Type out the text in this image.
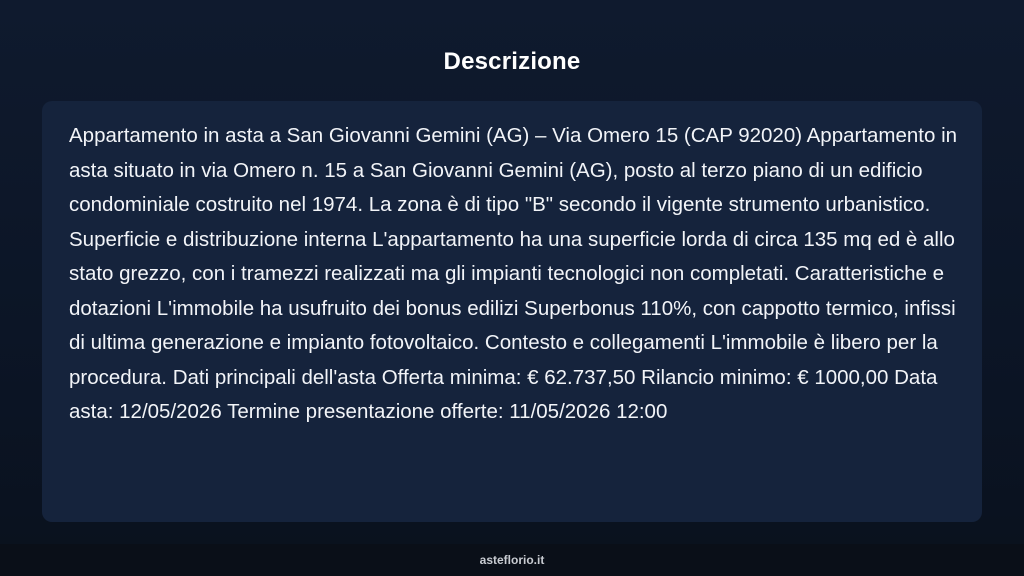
Descrizione

Appartamento in asta a San Giovanni Gemini (AG) – Via Omero 15 (CAP 92020) Appartamento in asta situato in via Omero n. 15 a San Giovanni Gemini (AG), posto al terzo piano di un edificio condominiale costruito nel 1974. La zona è di tipo "B" secondo il vigente strumento urbanistico. Superficie e distribuzione interna L'appartamento ha una superficie lorda di circa 135 mq ed è allo stato grezzo, con i tramezzi realizzati ma gli impianti tecnologici non completati. Caratteristiche e dotazioni L'immobile ha usufruito dei bonus edilizi Superbonus 110%, con cappotto termico, infissi di ultima generazione e impianto fotovoltaico. Contesto e collegamenti L'immobile è libero per la procedura. Dati principali dell'asta Offerta minima: € 62.737,50 Rilancio minimo: € 1000,00 Data asta: 12/05/2026 Termine presentazione offerte: 11/05/2026 12:00

asteflorio.it
